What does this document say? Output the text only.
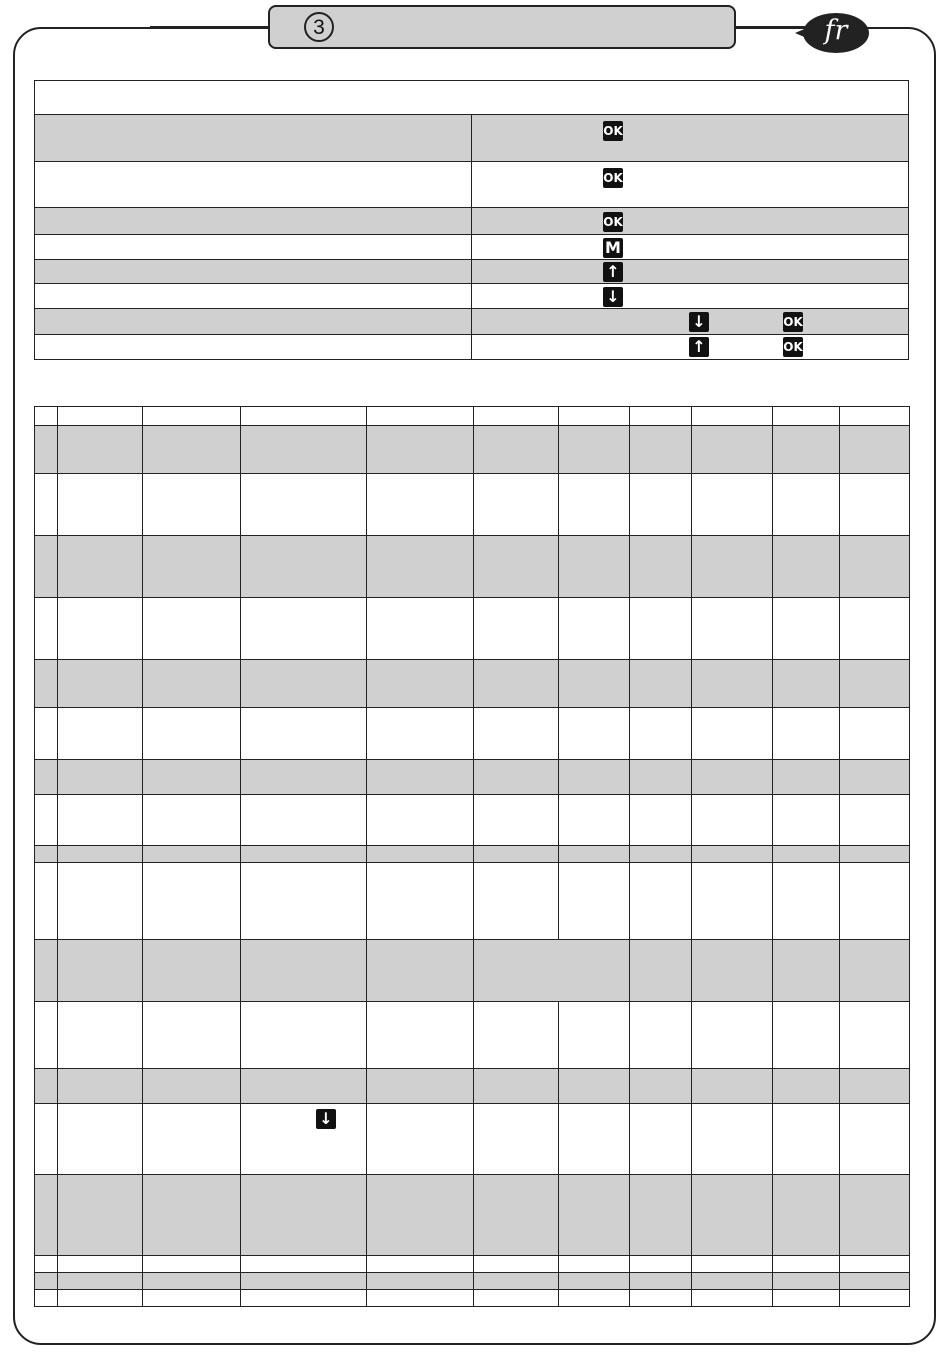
3	fr

	OK

	OK

	OK

	M

	↑

	↓

	↓ OK

	↑ OK

			↓							
